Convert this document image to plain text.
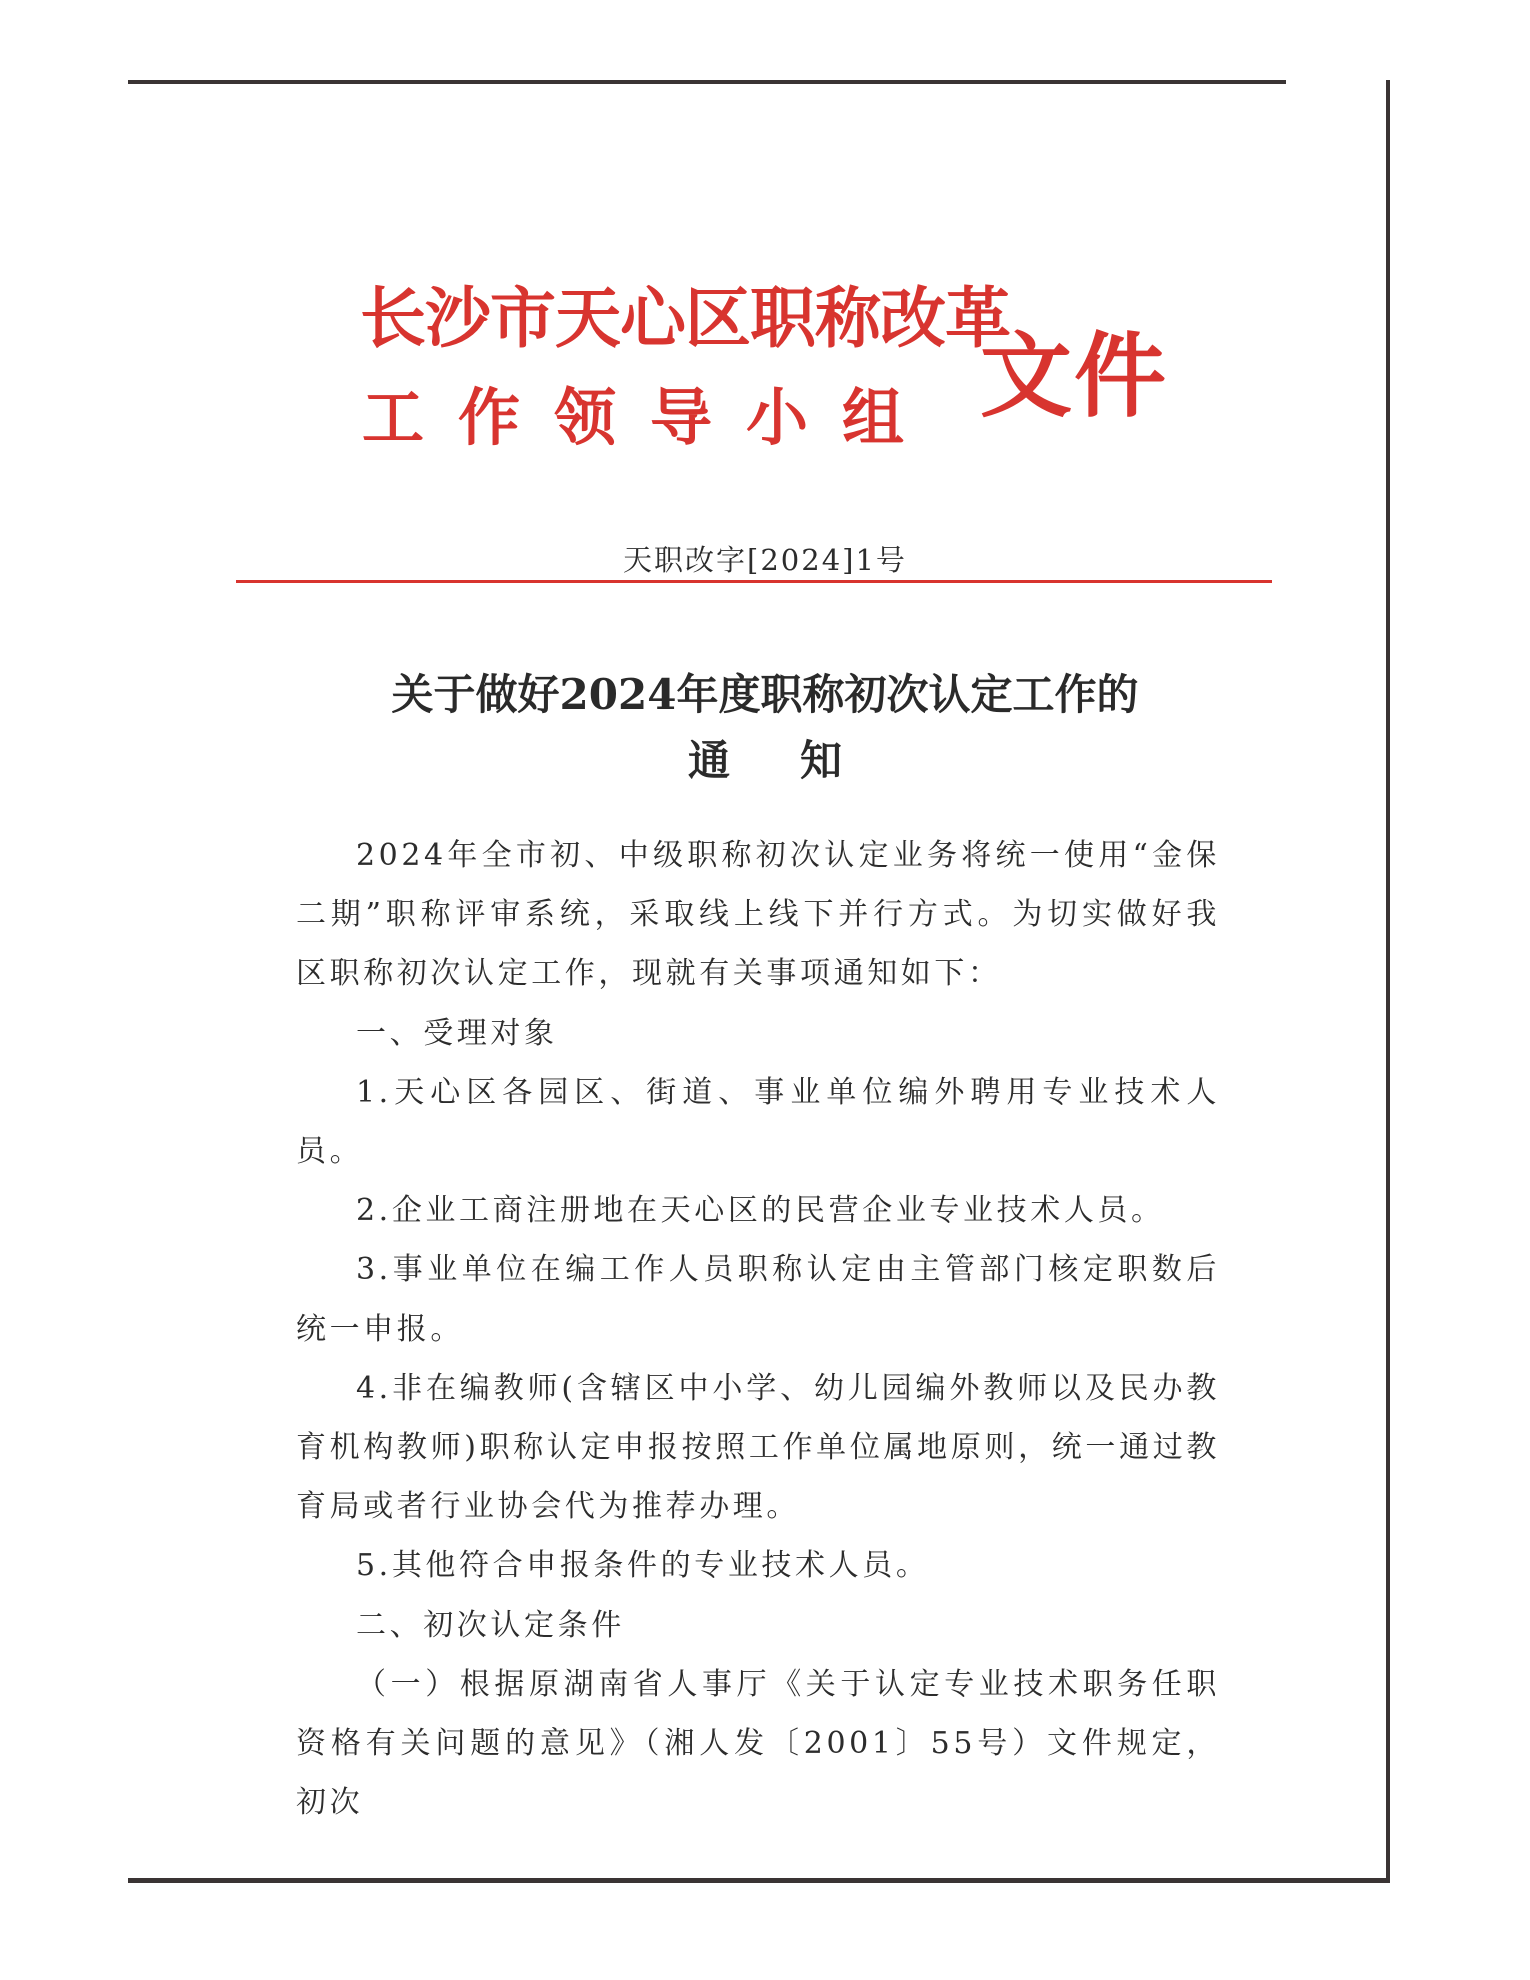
长沙市天心区职称改革
工作领导小组 文件
天职改字[2024]1号
关于做好2024年度职称初次认定工作的
通知

2024年全市初、中级职称初次认定业务将统一使用“金保二期”职称评审系统，采取线上线下并行方式。为切实做好我区职称初次认定工作，现就有关事项通知如下：

一、受理对象

1.天心区各园区、街道、事业单位编外聘用专业技术人员。

2.企业工商注册地在天心区的民营企业专业技术人员。

3.事业单位在编工作人员职称认定由主管部门核定职数后统一申报。

4.非在编教师(含辖区中小学、幼儿园编外教师以及民办教育机构教师)职称认定申报按照工作单位属地原则，统一通过教育局或者行业协会代为推荐办理。

5.其他符合申报条件的专业技术人员。

二、初次认定条件

（一）根据原湖南省人事厅《关于认定专业技术职务任职资格有关问题的意见》（湘人发〔2001〕55号）文件规定，初次
